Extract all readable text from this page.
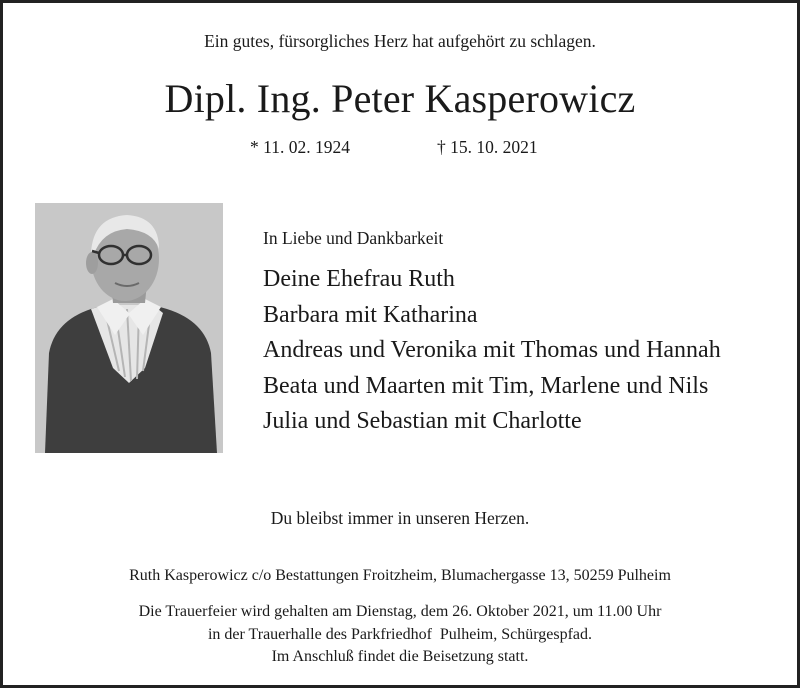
Ein gutes, fürsorgliches Herz hat aufgehört zu schlagen.
Dipl. Ing. Peter Kasperowicz
* 11. 02. 1924	† 15. 10. 2021
In Liebe und Dankbarkeit
Deine Ehefrau Ruth
Barbara mit Katharina
Andreas und Veronika mit Thomas und Hannah
Beata und Maarten mit Tim, Marlene und Nils
Julia und Sebastian mit Charlotte
Du bleibst immer in unseren Herzen.
Ruth Kasperowicz c/o Bestattungen Froitzheim, Blumachergasse 13, 50259 Pulheim
Die Trauerfeier wird gehalten am Dienstag, dem 26. Oktober 2021, um 11.00 Uhr
in der Trauerhalle des Parkfriedhof  Pulheim, Schürgespfad.
Im Anschluß findet die Beisetzung statt.
